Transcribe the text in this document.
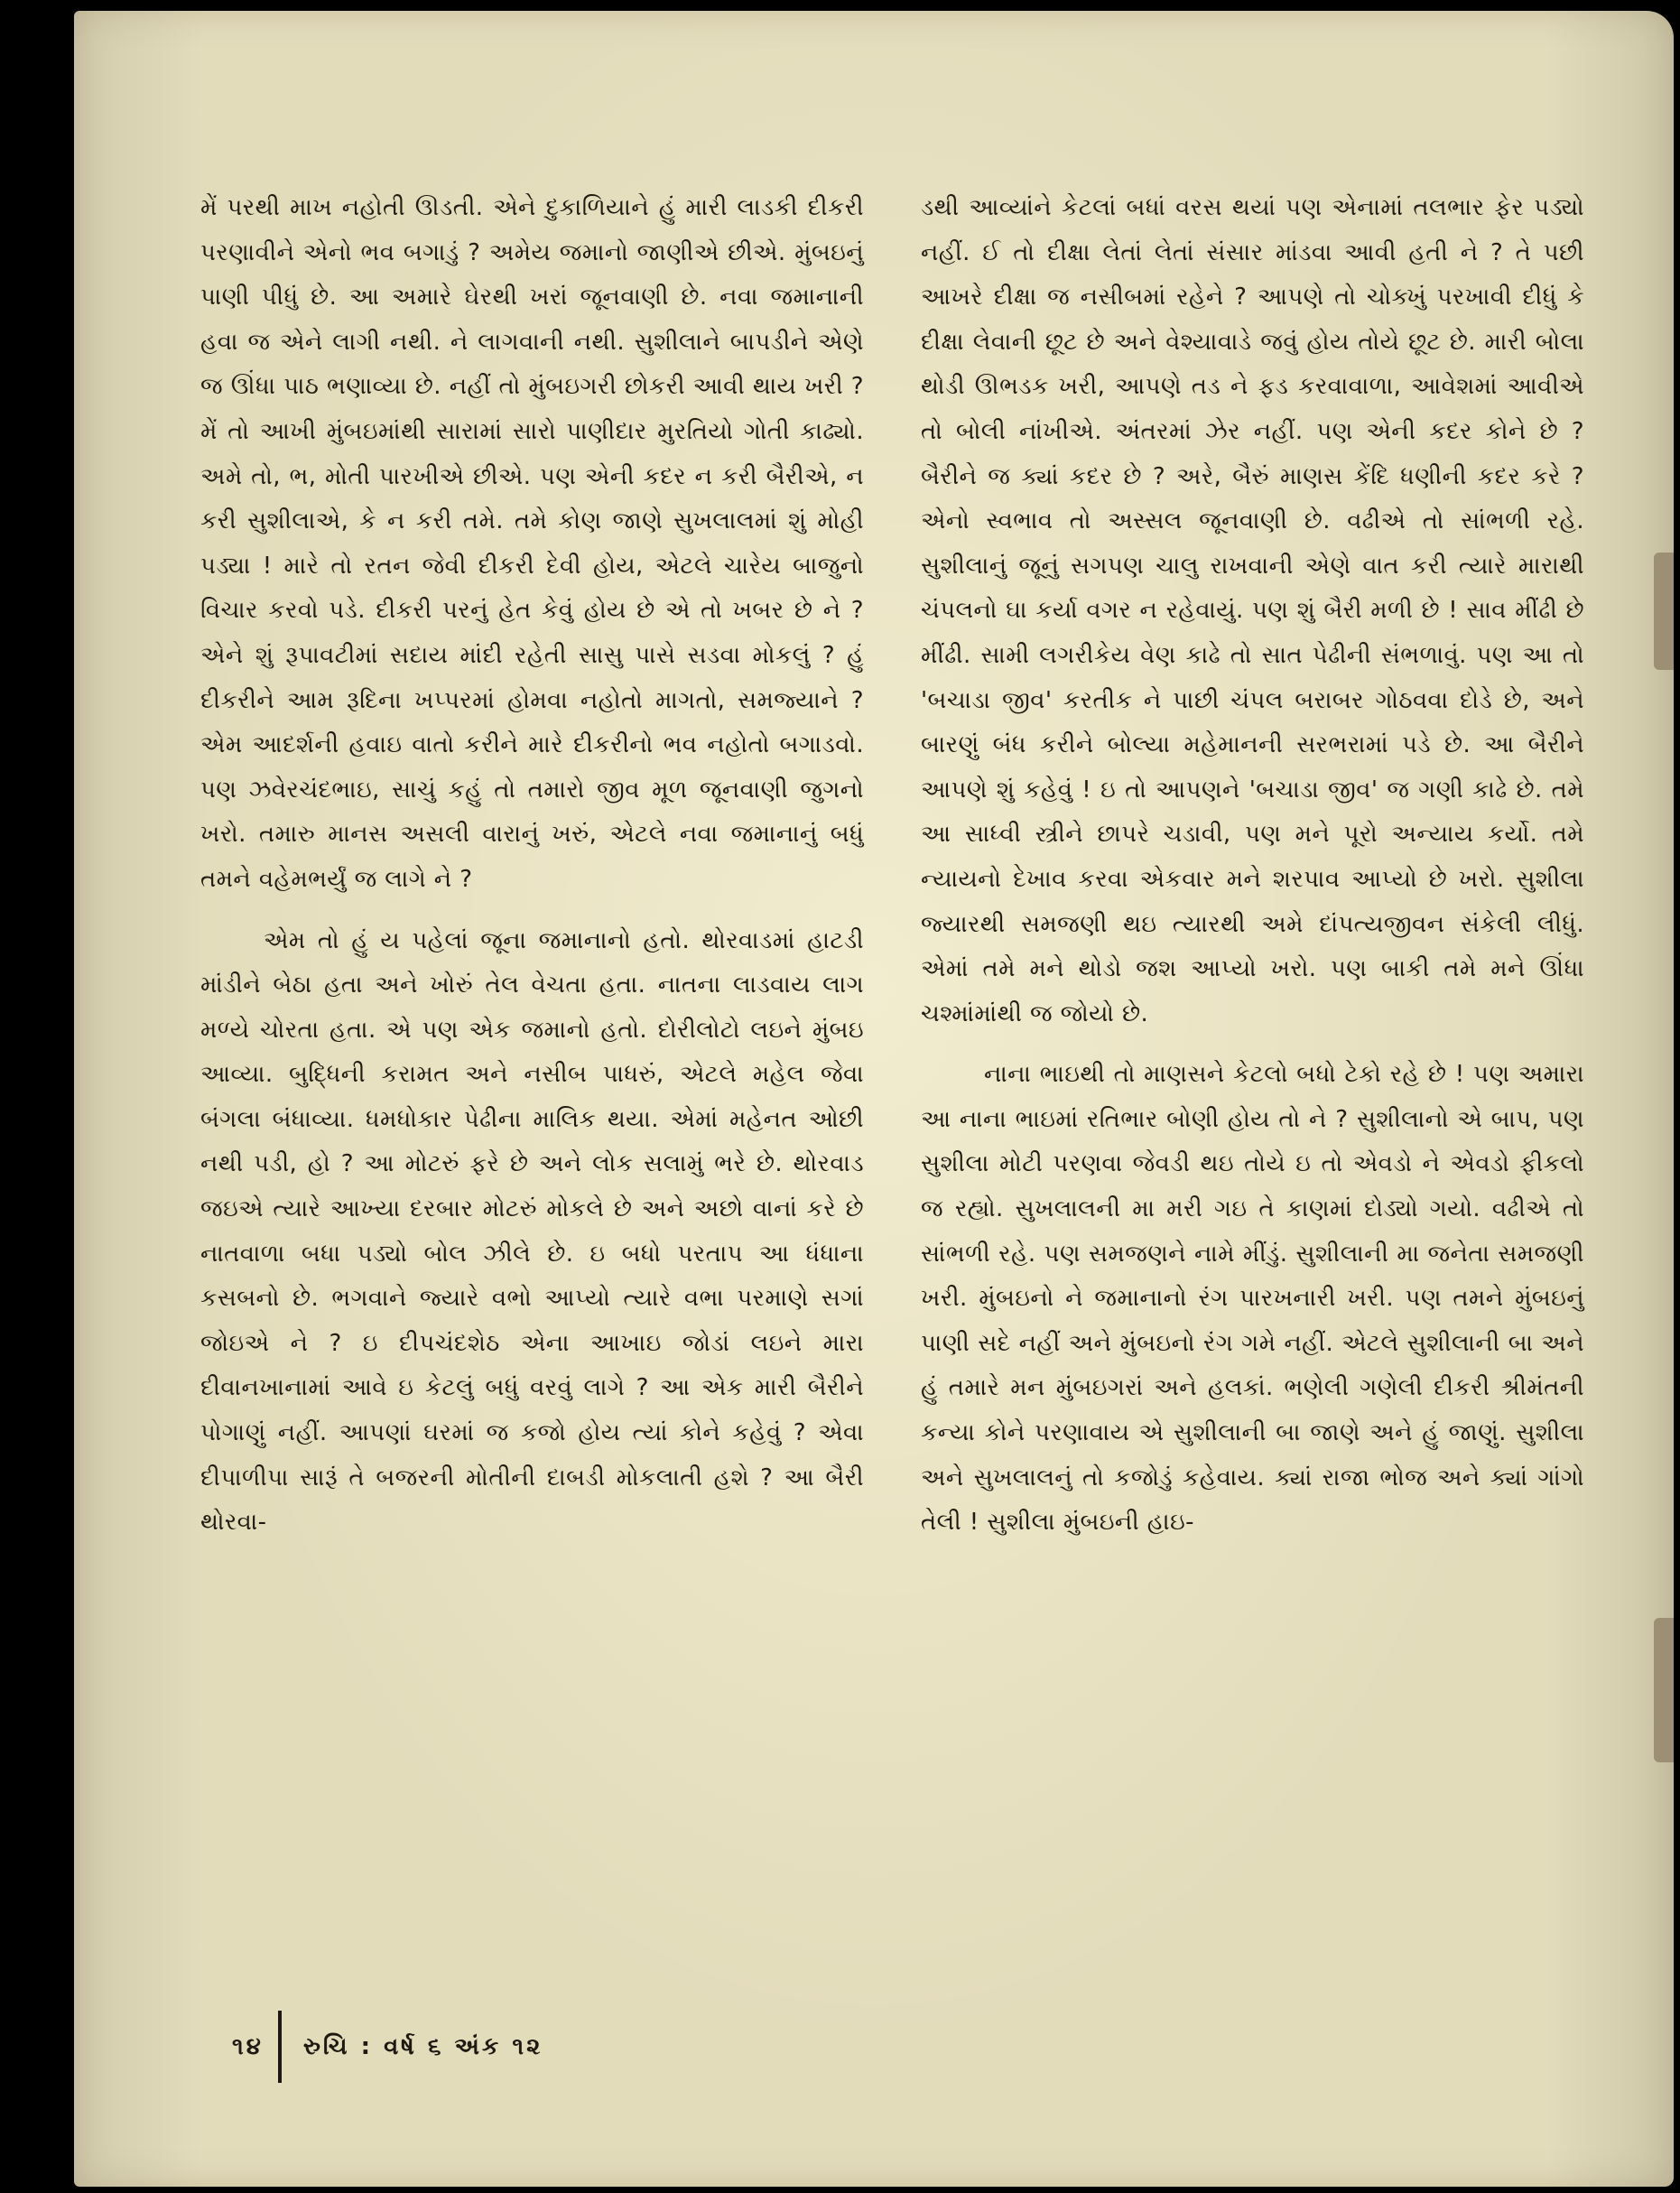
મેં પરથી માખ નહોતી ઊડતી. એને દુકાળિયાને હું મારી લાડકી દીકરી પરણાવીને એનો ભવ બગાડું ? અમેય જમાનો જાણીએ છીએ. મુંબઇનું પાણી પીધું છે. આ અમારે ઘેરથી ખરાં જૂનવાણી છે. નવા જમાનાની હવા જ એને લાગી નથી. ને લાગવાની નથી. સુશીલાને બાપડીને એણે જ ઊંધા પાઠ ભણાવ્યા છે. નહીં તો મુંબઇગરી છોકરી આવી થાય ખરી ? મેં તો આખી મુંબઇમાંથી સારામાં સારો પાણીદાર મુરતિયો ગોતી કાઢ્યો. અમે તો, ભ, મોતી પારખીએ છીએ. પણ એની કદર ન કરી બૈરીએ, ન કરી સુશીલાએ, કે ન કરી તમે. તમે કોણ જાણે સુખલાલમાં શું મોહી પડ્યા ! મારે તો રતન જેવી દીકરી દેવી હોય, એટલે ચારેય બાજુનો વિચાર કરવો પડે. દીકરી પરનું હેત કેવું હોય છે એ તો ખબર છે ને ? એને શું રૂપાવટીમાં સદાય માંદી રહેતી સાસુ પાસે સડવા મોકલું ? હું દીકરીને આમ રૂદિના ખપ્પરમાં હોમવા નહોતો માગતો, સમજ્યાને ? એમ આદર્શની હવાઇ વાતો કરીને મારે દીકરીનો ભવ નહોતો બગાડવો. પણ ઝવેરચંદભાઇ, સાચું કહું તો તમારો જીવ મૂળ જૂનવાણી જુગનો ખરો. તમારુ માનસ અસલી વારાનું ખરું, એટલે નવા જમાનાનું બધું તમને વહેમભર્યું જ લાગે ને ?

એમ તો હું ય પહેલાં જૂના જમાનાનો હતો. થોરવાડમાં હાટડી માંડીને બેઠા હતા અને ખોરું તેલ વેચતા હતા. નાતના લાડવાય લાગ મળ્યે ચોરતા હતા. એ પણ એક જમાનો હતો. દોરીલોટો લઇને મુંબઇ આવ્યા. બુદ્ધિની કરામત અને નસીબ પાધરું, એટલે મહેલ જેવા બંગલા બંધાવ્યા. ધમધોકાર પેઢીના માલિક થયા. એમાં મહેનત ઓછી નથી પડી, હો ? આ મોટરું ફરે છે અને લોક સલામું ભરે છે. થોરવાડ જઇએ ત્યારે આખ્યા દરબાર મોટરું મોકલે છે અને અછો વાનાં કરે છે નાતવાળા બધા પડ્યો બોલ ઝીલે છે. ઇ બધો પરતાપ આ ધંધાના કસબનો છે. ભગવાને જ્યારે વભો આપ્યો ત્યારે વભા પરમાણે સગાં જોઇએ ને ? ઇ દીપચંદશેઠ એના આખાઇ જોડાં લઇને મારા દીવાનખાનામાં આવે ઇ કેટલું બધું વરવું લાગે ? આ એક મારી બૈરીને પોગાણું નહીં. આપણાં ઘરમાં જ કજો હોય ત્યાં કોને કહેવું ? એવા દીપાળીપા સારૂં તે બજરની મોતીની દાબડી મોકલાતી હશે ? આ બૈરી થોરવા-

ડથી આવ્યાંને કેટલાં બધાં વરસ થયાં પણ એનામાં તલભાર ફેર પડ્યો નહીં. ઈ તો દીક્ષા લેતાં લેતાં સંસાર માંડવા આવી હતી ને ? તે પછી આખરે દીક્ષા જ નસીબમાં રહેને ? આપણે તો ચોક્ખું પરખાવી દીધું કે દીક્ષા લેવાની છૂટ છે અને વેશ્યાવાડે જવું હોય તોયે છૂટ છે. મારી બોલા થોડી ઊભડક ખરી, આપણે તડ ને ફડ કરવાવાળા, આવેશમાં આવીએ તો બોલી નાંખીએ. અંતરમાં ઝેર નહીં. પણ એની કદર કોને છે ? બૈરીને જ ક્યાં કદર છે ? અરે, બૈરું માણસ કેંદિ ધણીની કદર કરે ? એનો સ્વભાવ તો અસ્સલ જૂનવાણી છે. વઢીએ તો સાંભળી રહે. સુશીલાનું જૂનું સગપણ ચાલુ રાખવાની એણે વાત કરી ત્યારે મારાથી ચંપલનો ઘા કર્યા વગર ન રહેવાયું. પણ શું બૈરી મળી છે ! સાવ મીંઢી છે મીંઢી. સામી લગરીકેય વેણ કાઢે તો સાત પેઢીની સંભળાવું. પણ આ તો 'બચાડા જીવ' કરતીક ને પાછી ચંપલ બરાબર ગોઠવવા દોડે છે, અને બારણું બંધ કરીને બોલ્યા મહેમાનની સરભરામાં પડે છે. આ બૈરીને આપણે શું કહેવું ! ઇ તો આપણને 'બચાડા જીવ' જ ગણી કાઢે છે. તમે આ સાધ્વી સ્ત્રીને છાપરે ચડાવી, પણ મને પૂરો અન્યાય કર્યો. તમે ન્યાયનો દેખાવ કરવા એકવાર મને શરપાવ આપ્યો છે ખરો. સુશીલા જ્યારથી સમજણી થઇ ત્યારથી અમે દાંપત્યજીવન સંકેલી લીધું. એમાં તમે મને થોડો જશ આપ્યો ખરો. પણ બાકી તમે મને ઊંધા ચશ્માંમાંથી જ જોયો છે.

નાના ભાઇથી તો માણસને કેટલો બધો ટેકો રહે છે ! પણ અમારા આ નાના ભાઇમાં રતિભાર બોણી હોય તો ને ? સુશીલાનો એ બાપ, પણ સુશીલા મોટી પરણવા જેવડી થઇ તોયે ઇ તો એવડો ને એવડો ફીકલો જ રહ્યો. સુખલાલની મા મરી ગઇ તે કાણમાં દોડ્યો ગયો. વઢીએ તો સાંભળી રહે. પણ સમજણને નામે મીંડું. સુશીલાની મા જનેતા સમજણી ખરી. મુંબઇનો ને જમાનાનો રંગ પારખનારી ખરી. પણ તમને મુંબઇનું પાણી સદે નહીં અને મુંબઇનો રંગ ગમે નહીં. એટલે સુશીલાની બા અને હું તમારે મન મુંબઇગરાં અને હલકાં. ભણેલી ગણેલી દીકરી શ્રીમંતની કન્યા કોને પરણાવાય એ સુશીલાની બા જાણે અને હું જાણું. સુશીલા અને સુખલાલનું તો કજોડું કહેવાય. ક્યાં રાજા ભોજ અને ક્યાં ગાંગો તેલી ! સુશીલા મુંબઇની હાઇ-

૧૪ રુચિ : વર્ષ ૬ અંક ૧૨
